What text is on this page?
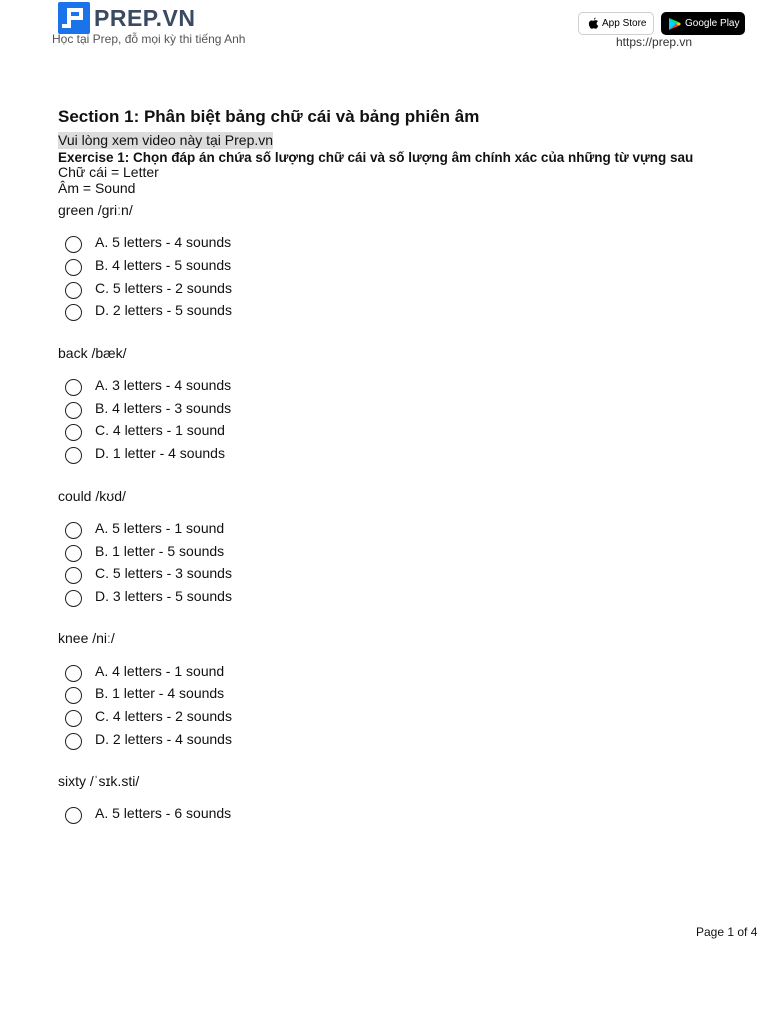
PREP.VN
Học tại Prep, đỗ mọi kỳ thi tiếng Anh
App Store	Google Play
https://prep.vn
Section 1: Phân biệt bảng chữ cái và bảng phiên âm
Vui lòng xem video này tại Prep.vn

Exercise 1: Chọn đáp án chứa số lượng chữ cái và số lượng âm chính xác của những từ vựng sau

Chữ cái = Letter
Âm = Sound
green /ɡriːn/
A. 5 letters - 4 sounds
B. 4 letters - 5 sounds
C. 5 letters - 2 sounds
D. 2 letters - 5 sounds
back /bæk/
A. 3 letters - 4 sounds
B. 4 letters - 3 sounds
C. 4 letters - 1 sound
D. 1 letter - 4 sounds
could /kʊd/
A. 5 letters - 1 sound
B. 1 letter - 5 sounds
C. 5 letters - 3 sounds
D. 3 letters - 5 sounds
knee /niː/
A. 4 letters - 1 sound
B. 1 letter - 4 sounds
C. 4 letters - 2 sounds
D. 2 letters - 4 sounds
sixty /ˈsɪk.sti/
A. 5 letters - 6 sounds
Page 1 of 4
